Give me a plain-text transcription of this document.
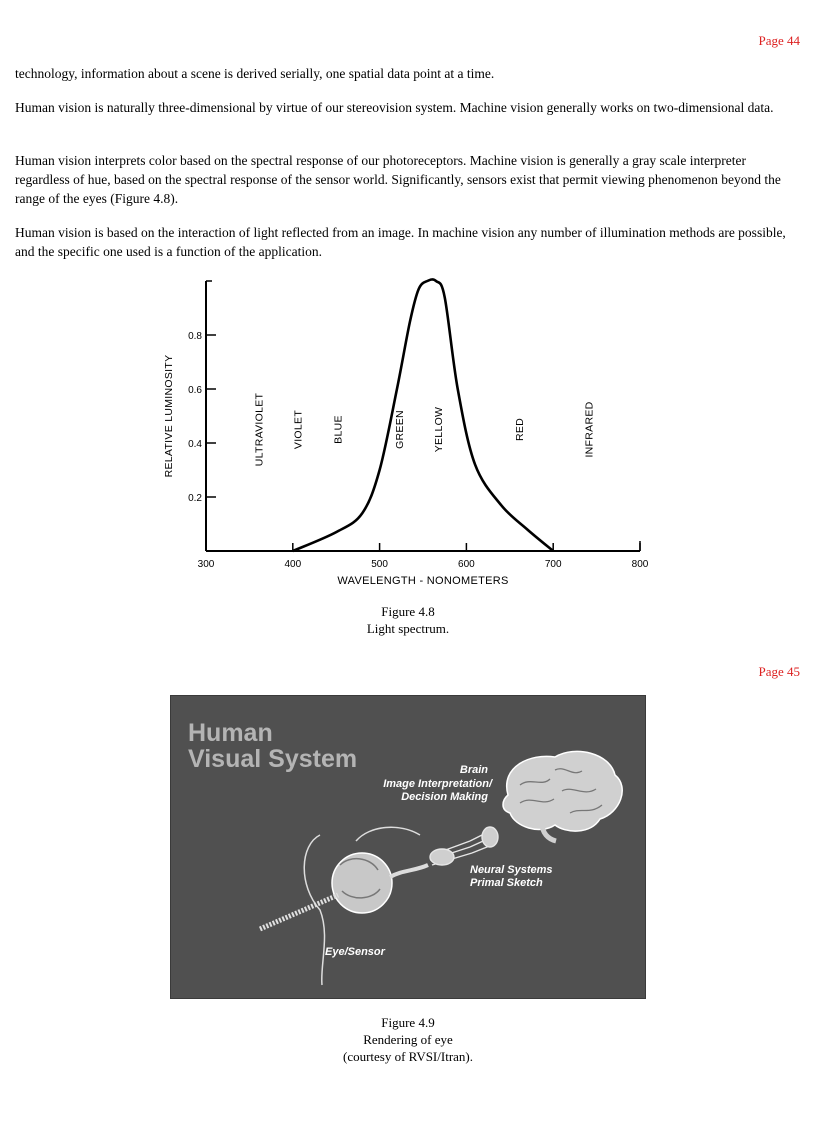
Page 44

technology, information about a scene is derived serially, one spatial data point at a time.

Human vision is naturally three-dimensional by virtue of our stereovision system. Machine vision generally works on two-dimensional data.

Human vision interprets color based on the spectral response of our photoreceptors. Machine vision is generally a gray scale interpreter regardless of hue, based on the spectral response of the sensor world. Significantly, sensors exist that permit viewing phenomenon beyond the range of the eyes (Figure 4.8).

Human vision is based on the interaction of light reflected from an image. In machine vision any number of illumination methods are possible, and the specific one used is a function of the application.

0.2
0.4
0.6
0.8
300	400	500	600	700	800
ULTRAVIOLET	VIOLET	BLUE	GREEN	YELLOW	RED	INFRARED
WAVELENGTH - NONOMETERS
RELATIVE LUMINOSITY
Figure 4.8
Light spectrum.
Page 45
Human
Visual System	Brain
Image Interpretation/
Decision Making
Neural Systems
Primal Sketch
Eye/Sensor
Figure 4.9
Rendering of eye
(courtesy of RVSI/Itran).
